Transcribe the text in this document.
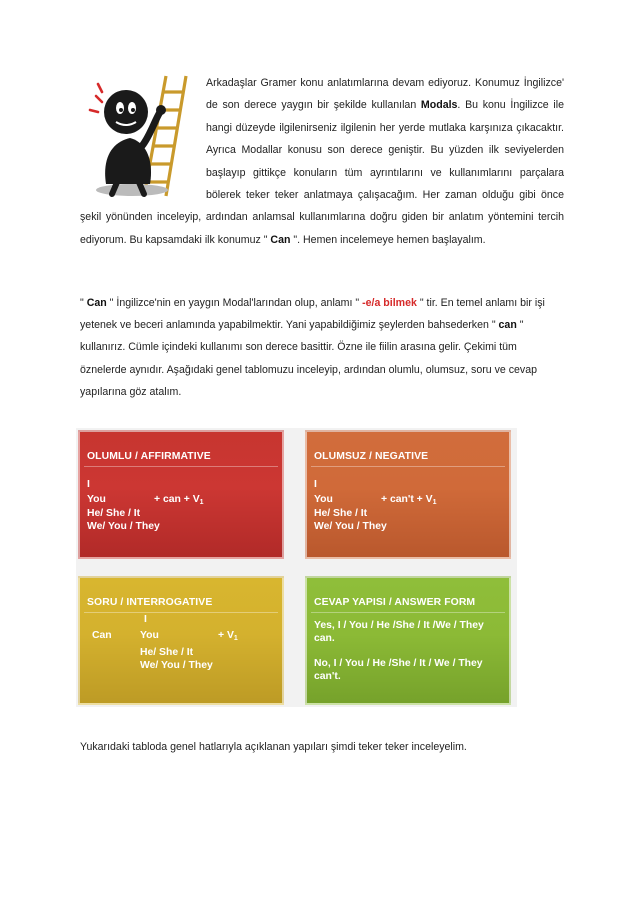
Arkadaşlar Gramer konu anlatımlarına devam ediyoruz. Konumuz İngilizce' de son derece yaygın bir şekilde kullanılan Modals. Bu konu İngilizce ile hangi düzeyde ilgilenirseniz ilgilenin her yerde mutlaka karşınıza çıkacaktır. Ayrıca Modallar konusu son derece geniştir. Bu yüzden ilk seviyelerden başlayıp gittikçe konuların tüm ayrıntılarını ve kullanımlarını parçalara bölerek teker teker anlatmaya çalışacağım. Her zaman olduğu gibi önce şekil yönünden inceleyip, ardından anlamsal kullanımlarına doğru giden bir anlatım yöntemini tercih ediyorum. Bu kapsamdaki ilk konumuz " Can ". Hemen incelemeye hemen başlayalım.

" Can " İngilizce'nin en yaygın Modal'larından olup, anlamı " -e/a bilmek " tir. En temel anlamı bir işi yetenek ve beceri anlamında yapabilmektir. Yani yapabildiğimiz şeylerden bahsederken " can " kullanırız. Cümle içindeki kullanımı son derece basittir. Özne ile fiilin arasına gelir. Çekimi tüm öznelerde aynıdır. Aşağıdaki genel tablomuzu inceleyip, ardından olumlu, olumsuz, soru ve cevap yapılarına göz atalım.

OLUMLU / AFFIRMATIVE
I
You	+ can + $V_1$
He/ She / It
We/ You / They
OLUMSUZ / NEGATIVE
I
You	+ $can't + V_1$
He/ She / It
We/ You / They
SORU / INTERROGATIVE
I
Can	You	+ $V_1$
He/ She / It
We/ You / They
CEVAP YAPISI / ANSWER FORM
Yes, I / You / He /She / It /We / They
can.
No, I / You / He /She / It / We / They
can't.

Yukarıdaki tabloda genel hatlarıyla açıklanan yapıları şimdi teker teker inceleyelim.
